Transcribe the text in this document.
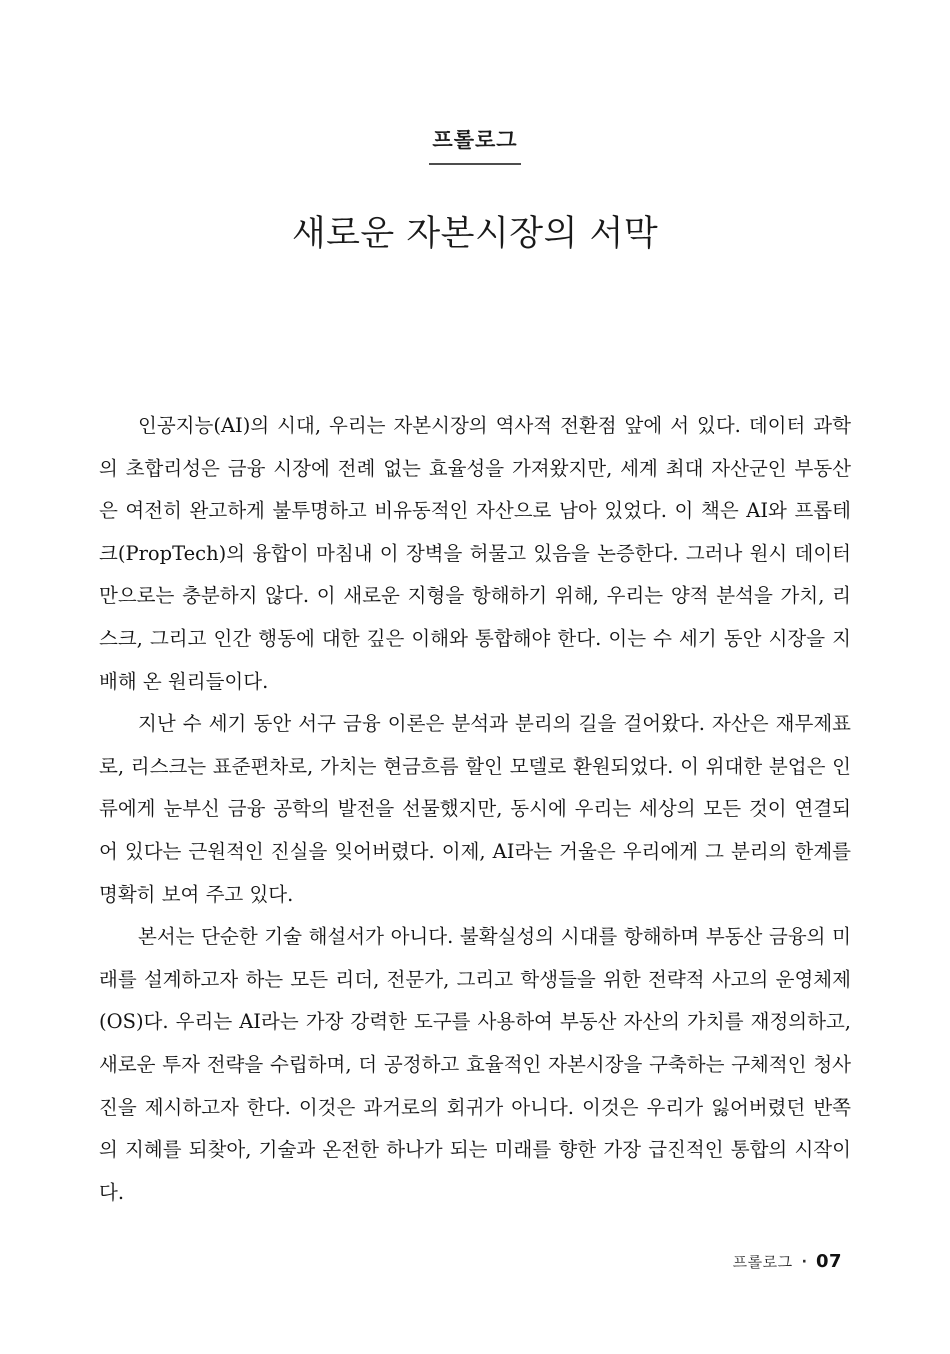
프롤로그
새로운 자본시장의 서막

인공지능(AI)의 시대, 우리는 자본시장의 역사적 전환점 앞에 서 있다. 데이터 과학의 초합리성은 금융 시장에 전례 없는 효율성을 가져왔지만, 세계 최대 자산군인 부동산은 여전히 완고하게 불투명하고 비유동적인 자산으로 남아 있었다. 이 책은 AI와 프롭테크(PropTech)의 융합이 마침내 이 장벽을 허물고 있음을 논증한다. 그러나 원시 데이터만으로는 충분하지 않다. 이 새로운 지형을 항해하기 위해, 우리는 양적 분석을 가치, 리스크, 그리고 인간 행동에 대한 깊은 이해와 통합해야 한다. 이는 수 세기 동안 시장을 지배해 온 원리들이다.

지난 수 세기 동안 서구 금융 이론은 분석과 분리의 길을 걸어왔다. 자산은 재무제표로, 리스크는 표준편차로, 가치는 현금흐름 할인 모델로 환원되었다. 이 위대한 분업은 인류에게 눈부신 금융 공학의 발전을 선물했지만, 동시에 우리는 세상의 모든 것이 연결되어 있다는 근원적인 진실을 잊어버렸다. 이제, AI라는 거울은 우리에게 그 분리의 한계를 명확히 보여 주고 있다.

본서는 단순한 기술 해설서가 아니다. 불확실성의 시대를 항해하며 부동산 금융의 미래를 설계하고자 하는 모든 리더, 전문가, 그리고 학생들을 위한 전략적 사고의 운영체제(OS)다. 우리는 AI라는 가장 강력한 도구를 사용하여 부동산 자산의 가치를 재정의하고, 새로운 투자 전략을 수립하며, 더 공정하고 효율적인 자본시장을 구축하는 구체적인 청사진을 제시하고자 한다. 이것은 과거로의 회귀가 아니다. 이것은 우리가 잃어버렸던 반쪽의 지혜를 되찾아, 기술과 온전한 하나가 되는 미래를 향한 가장 급진적인 통합의 시작이다.

프롤로그 · 07
